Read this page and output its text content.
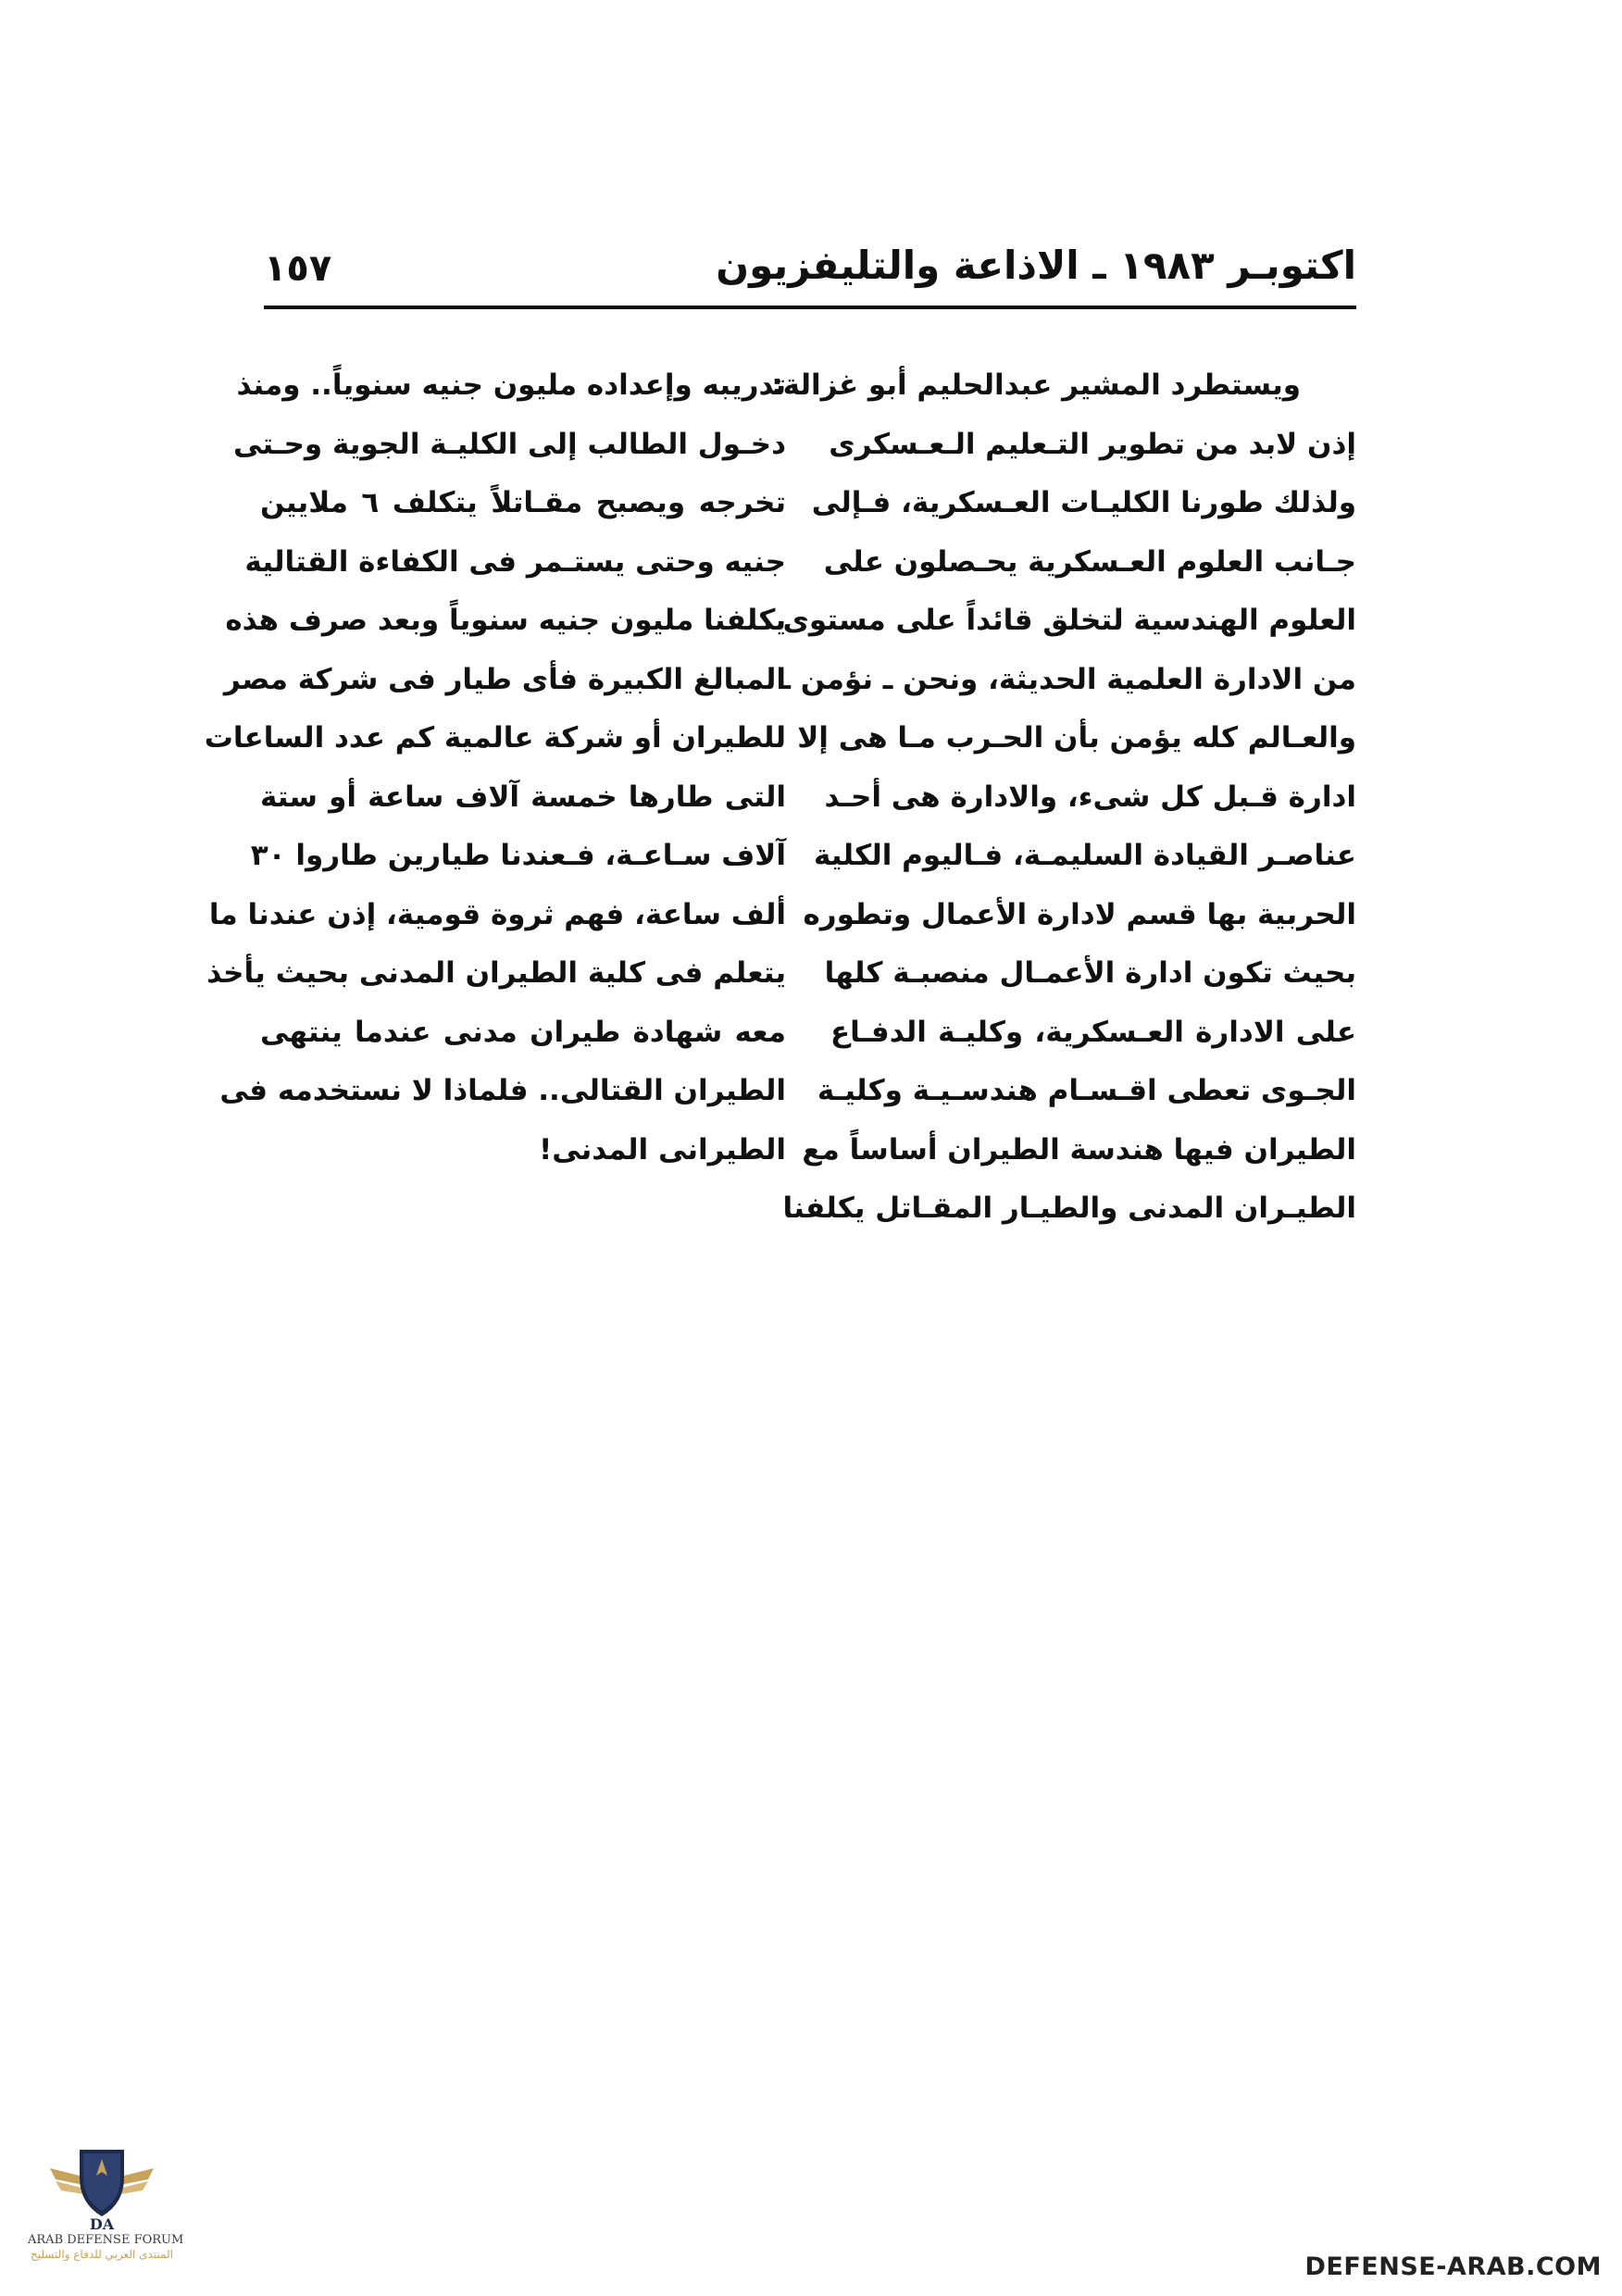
اكتوبـر ١٩٨٣ ـ الاذاعة والتليفزيون
١٥٧
ويستطرد المشير عبدالحليم أبو غزالة:
إذن لابد من تطوير التـعليم الـعـسكرى
ولذلك طورنا الكليـات العـسكرية، فـإلى
جـانب العلوم العـسكرية يحـصلون على
العلوم الهندسية لتخلق قائداً على مستوى
من الادارة العلمية الحديثة، ونحن ـ نؤمن ـ
والعـالم كله يؤمن بأن الحـرب مـا هى إلا
ادارة قـبل كل شىء، والادارة هى أحـد
عناصـر القيادة السليمـة، فـاليوم الكلية
الحربية بها قسم لادارة الأعمال وتطوره
بحيث تكون ادارة الأعمـال منصبـة كلها
على الادارة العـسكرية، وكليـة الدفـاع
الجـوى تعطى اقـسـام هندسـيـة وكليـة
الطيران فيها هندسة الطيران أساساً مع
الطيـران المدنى والطيـار المقـاتل يكلفنا
تدريبه وإعداده مليون جنيه سنوياً.. ومنذ
دخـول الطالب إلى الكليـة الجوية وحـتى
تخرجه ويصبح مقـاتلاً يتكلف ٦ ملايين
جنيه وحتى يستـمر فى الكفاءة القتالية
يكلفنا مليون جنيه سنوياً وبعد صرف هذه
المبالغ الكبيرة فأى طيار فى شركة مصر
للطيران أو شركة عالمية كم عدد الساعات
التى طارها خمسة آلاف ساعة أو ستة
آلاف سـاعـة، فـعندنا طيارين طاروا ٣٠
ألف ساعة، فهم ثروة قومية، إذن عندنا ما
يتعلم فى كلية الطيران المدنى بحيث يأخذ
معه شهادة طيران مدنى عندما ينتهى
الطيران القتالى.. فلماذا لا نستخدمه فى
الطيرانى المدنى!
DA
ARAB DEFENSE FORUM
المنتدى العربي للدفاع والتسليح	DEFENSE-ARAB.COM
